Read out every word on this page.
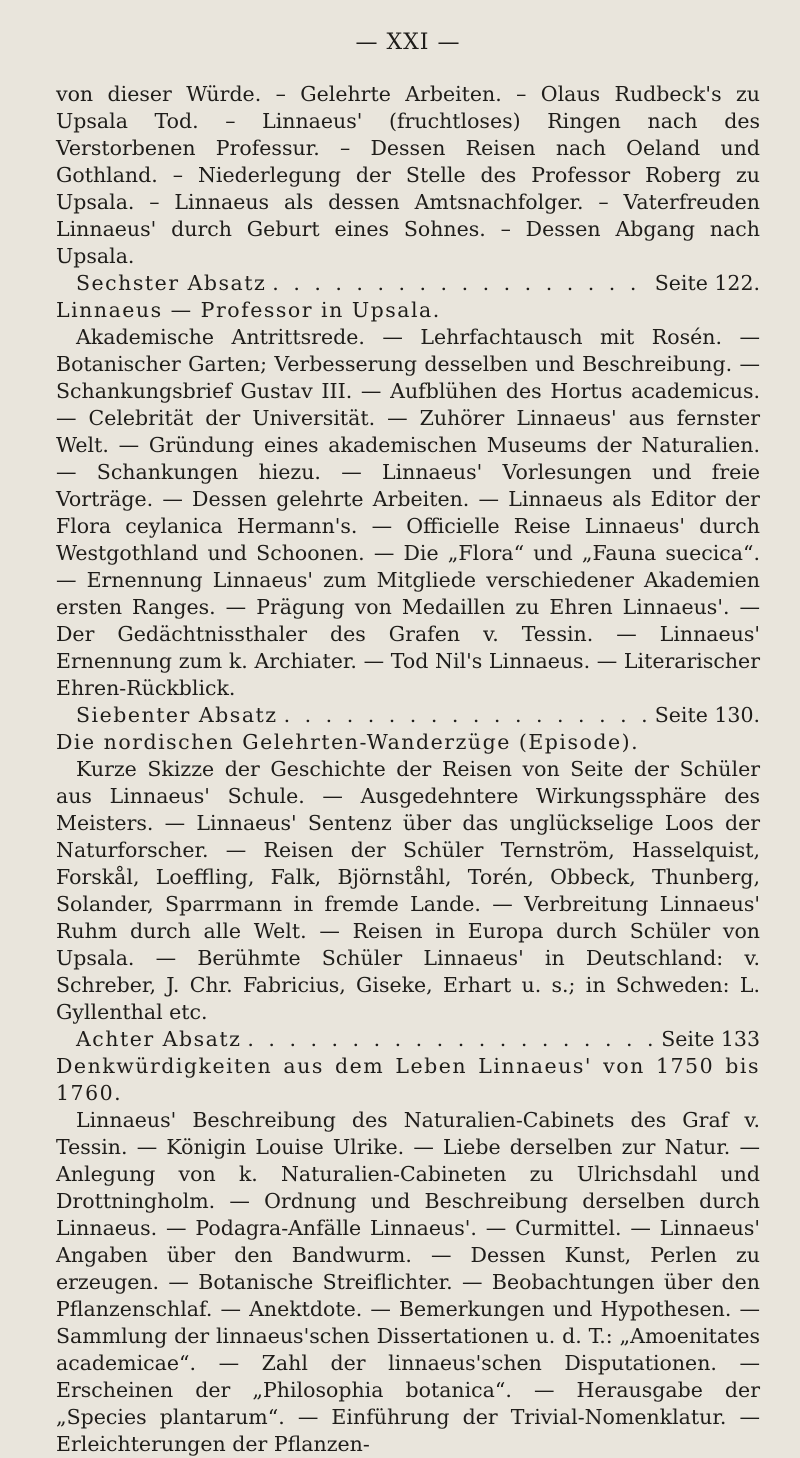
— XXI —

von dieser Würde. – Gelehrte Arbeiten. – Olaus Rudbeck's zu Upsala Tod. – Linnaeus' (fruchtloses) Ringen nach des Verstorbenen Professur. – Dessen Reisen nach Oeland und Gothland. – Niederlegung der Stelle des Professor Roberg zu Upsala. – Linnaeus als dessen Amtsnachfolger. – Vaterfreuden Linnaeus' durch Geburt eines Sohnes. – Dessen Abgang nach Upsala.

Sechster Absatz . . .	Seite 122.

Linnaeus — Professor in Upsala.

Akademische Antrittsrede. — Lehrfachtausch mit Rosén. — Botanischer Garten; Verbesserung desselben und Beschreibung. — Schankungsbrief Gustav III. — Aufblühen des Hortus academicus. — Celebrität der Universität. — Zuhörer Linnaeus' aus fernster Welt. — Gründung eines akademischen Museums der Naturalien. — Schankungen hiezu. — Linnaeus' Vorlesungen und freie Vorträge. — Dessen gelehrte Arbeiten. — Linnaeus als Editor der Flora ceylanica Hermann's. — Officielle Reise Linnaeus' durch Westgothland und Schoonen. — Die „Flora“ und „Fauna suecica“. — Ernennung Linnaeus' zum Mitgliede verschiedener Akademien ersten Ranges. — Prägung von Medaillen zu Ehren Linnaeus'. — Der Gedächtnissthaler des Grafen v. Tessin. — Linnaeus' Ernennung zum k. Archiater. — Tod Nil's Linnaeus. — Literarischer Ehren-Rückblick.

Siebenter Absatz . . .	Seite 130.

Die nordischen Gelehrten-Wanderzüge (Episode).

Kurze Skizze der Geschichte der Reisen von Seite der Schüler aus Linnaeus' Schule. — Ausgedehntere Wirkungssphäre des Meisters. — Linnaeus' Sentenz über das unglückselige Loos der Naturforscher. — Reisen der Schüler Ternström, Hasselquist, Forskål, Loeffling, Falk, Björnståhl, Torén, Obbeck, Thunberg, Solander, Sparrmann in fremde Lande. — Verbreitung Linnaeus' Ruhm durch alle Welt. — Reisen in Europa durch Schüler von Upsala. — Berühmte Schüler Linnaeus' in Deutschland: v. Schreber, J. Chr. Fabricius, Giseke, Erhart u. s.; in Schweden: L. Gyllenthal etc.

Achter Absatz . . .	Seite 133

Denkwürdigkeiten aus dem Leben Linnaeus' von 1750 bis 1760.

Linnaeus' Beschreibung des Naturalien-Cabinets des Graf v. Tessin. — Königin Louise Ulrike. — Liebe derselben zur Natur. — Anlegung von k. Naturalien-Cabineten zu Ulrichsdahl und Drottningholm. — Ordnung und Beschreibung derselben durch Linnaeus. — Podagra-Anfälle Linnaeus'. — Curmittel. — Linnaeus' Angaben über den Bandwurm. — Dessen Kunst, Perlen zu erzeugen. — Botanische Streiflichter. — Beobachtungen über den Pflanzenschlaf. — Anektdote. — Bemerkungen und Hypothesen. — Sammlung der linnaeus'schen Dissertationen u. d. T.: „Amoenitates academicae“. — Zahl der linnaeus'schen Disputationen. — Erscheinen der „Philosophia botanica“. — Herausgabe der „Species plantarum“. — Einführung der Trivial-Nomenklatur. — Erleichterungen der Pflanzen-
